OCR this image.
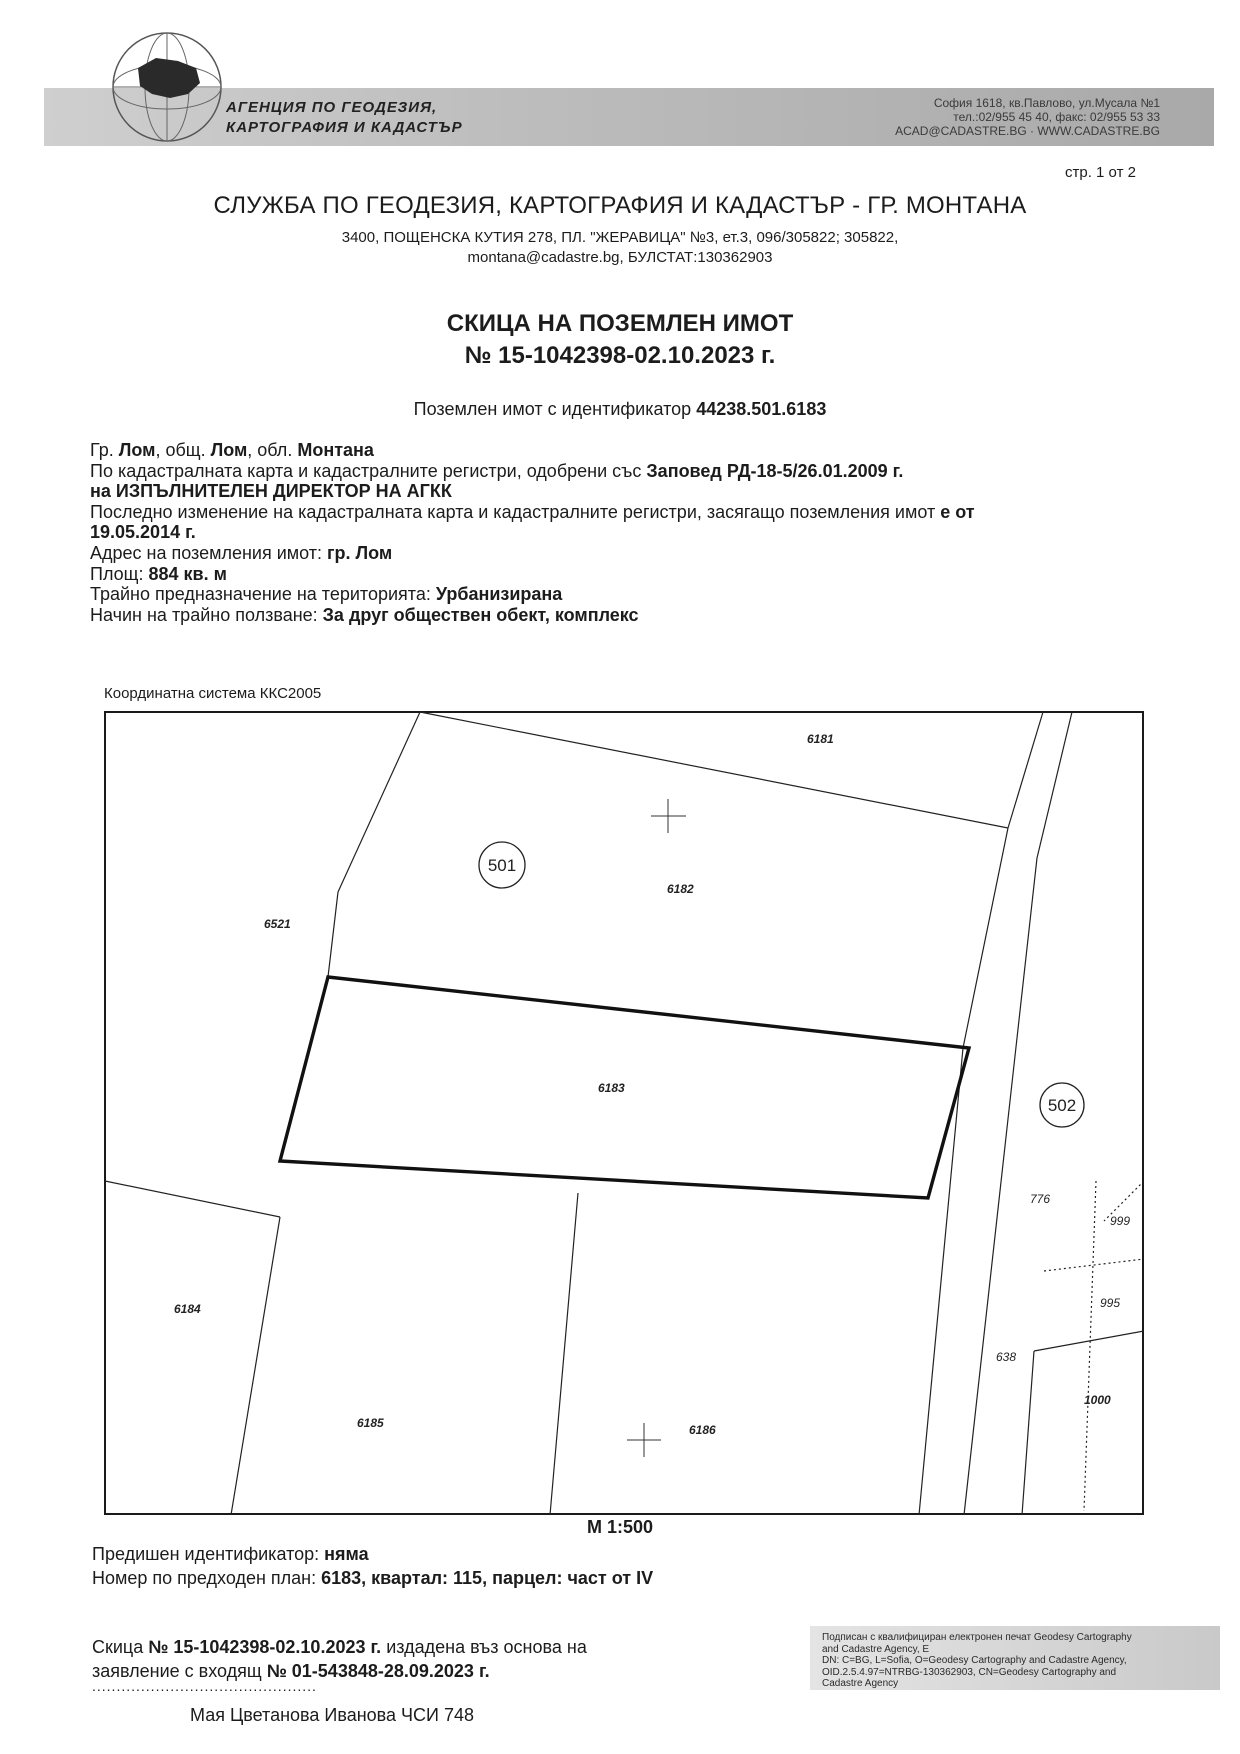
АГЕНЦИЯ ПО ГЕОДЕЗИЯ,
КАРТОГРАФИЯ И КАДАСТЪР
София 1618, кв.Павлово, ул.Мусала №1
тел.:02/955 45 40, факс: 02/955 53 33
ACAD@CADASTRE.BG · WWW.CADASTRE.BG
стр. 1 от 2
СЛУЖБА ПО ГЕОДЕЗИЯ, КАРТОГРАФИЯ И КАДАСТЪР - ГР. МОНТАНА
3400, ПОЩЕНСКА КУТИЯ 278, ПЛ. "ЖЕРАВИЦА" №3, ет.3, 096/305822; 305822,
montana@cadastre.bg, БУЛСТАТ:130362903
СКИЦА НА ПОЗЕМЛЕН ИМОТ
№ 15-1042398-02.10.2023 г.
Поземлен имот с идентификатор 44238.501.6183
Гр. Лом, общ. Лом, обл. Монтана
По кадастралната карта и кадастралните регистри, одобрени със Заповед РД-18-5/26.01.2009 г.
на ИЗПЪЛНИТЕЛЕН ДИРЕКТОР НА АГКК
Последно изменение на кадастралната карта и кадастралните регистри, засягащо поземления имот е от
19.05.2014 г.
Адрес на поземления имот: гр. Лом
Площ: 884 кв. м
Трайно предназначение на територията: Урбанизирана
Начин на трайно ползване: За друг обществен обект, комплекс
Координатна система ККС2005
501
502
6181
6182
6521
6183
6184
6185	6186
776
999
995
638
1000
М 1:500
Предишен идентификатор: няма
Номер по предходен план: 6183, квартал: 115, парцел: част от IV
Подписан с квалифициран електронен печат Geodesy Cartography
and Cadastre Agency, E
DN: C=BG, L=Sofia, O=Geodesy Cartography and Cadastre Agency,
OID.2.5.4.97=NTRBG-130362903, CN=Geodesy Cartography and
Cadastre Agency
Скица № 15-1042398-02.10.2023 г. издадена въз основа на
заявление с входящ № 01-543848-28.09.2023 г.
..............................................
Мая Цветанова Иванова ЧСИ 748
